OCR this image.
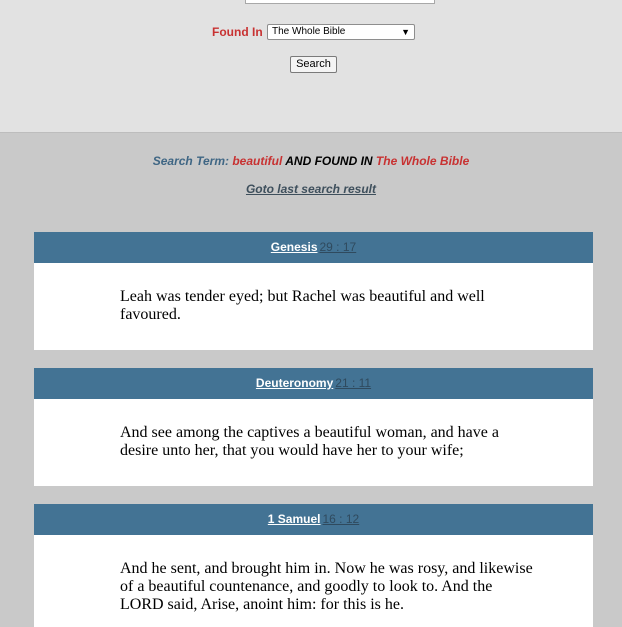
Found In The Whole Bible	▼
Search
Search Term: beautiful AND FOUND IN The Whole Bible
Goto last search result
Genesis 29 : 17
Leah was tender eyed; but Rachel was beautiful and well favoured.
Deuteronomy 21 : 11
And see among the captives a beautiful woman, and have a desire unto her, that you would have her to your wife;
1 Samuel 16 : 12
And he sent, and brought him in. Now he was rosy, and likewise of a beautiful countenance, and goodly to look to. And the LORD said, Arise, anoint him: for this is he.
